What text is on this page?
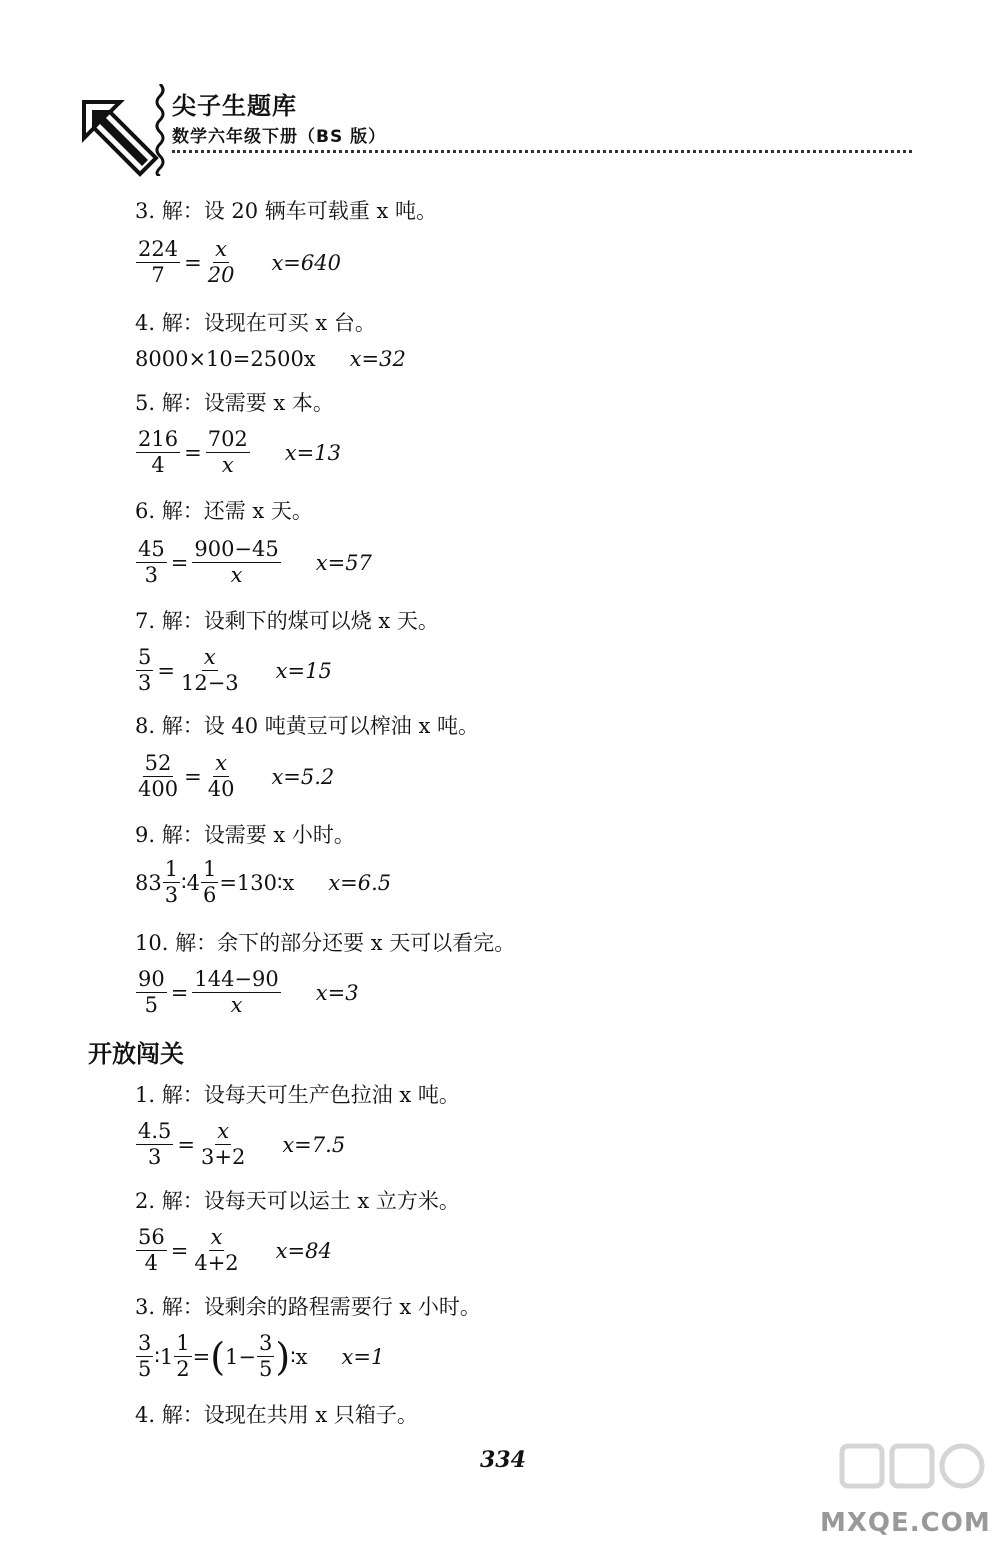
尖子生题库
数学六年级下册（BS 版）
3. 解：设 20 辆车可载重 x 吨。
$\frac{224}{7} = \frac{x}{20} x=640$
4. 解：设现在可买 x 台。
8000×10=2500x x=32
5. 解：设需要 x 本。
$\frac{216}{4} = \frac{702}{x} x=13$
6. 解：还需 x 天。
$\frac{45}{3} = \frac{900-45}{x} x=57$
7. 解：设剩下的煤可以烧 x 天。
$\frac{5}{3} = \frac{x}{12-3} x=15$
8. 解：设 40 吨黄豆可以榨油 x 吨。
$\frac{52}{400} = \frac{x}{40} x=5.2$
9. 解：设需要 x 小时。
$83 \frac{1}{3}$ ∶4 $\frac{1}{6}$ =130∶x x=6.5
10. 解：余下的部分还要 x 天可以看完。
$\frac{90}{5} = \frac{144-90}{x} x=3$
1. 解：设每天可生产色拉油 x 吨。
$\frac{4.5}{3} = \frac{x}{3+2} x=7.5$
2. 解：设每天可以运土 x 立方米。
$\frac{56}{4} = \frac{x}{4+2} x=84$
3. 解：设剩余的路程需要行 x 小时。
$\frac{3}{5}$ ∶1 $\frac{1}{2}$ = ( $1- \frac{3}{5}$ ) ∶x x=1
4. 解：设现在共用 x 只箱子。
开放闯关
334
MXQE.COM
